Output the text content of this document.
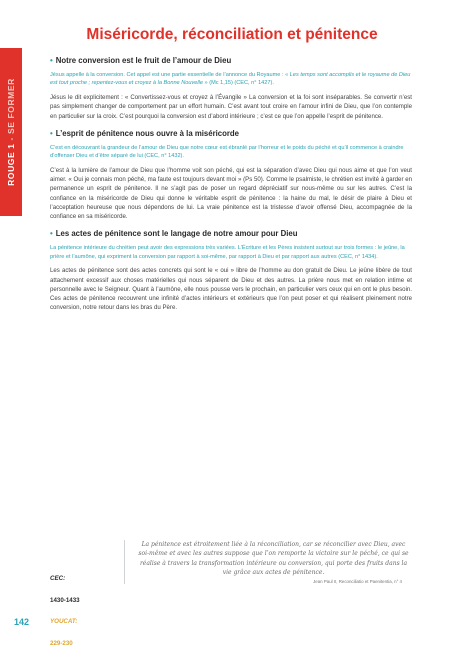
ROUGE 1 - SE FORMER
Miséricorde, réconciliation et pénitence

• Notre conversion est le fruit de l’amour de Dieu

Jésus appelle à la conversion. Cet appel est une partie essentielle de l’annonce du Royaume : « Les temps sont accomplis et le royaume de Dieu est tout proche ; repentez-vous et croyez à la Bonne Nouvelle » (Mc 1,15) (CEC, n° 1427).

Jésus le dit explicitement : « Convertissez-vous et croyez à l’Évangile » La conversion et la foi sont inséparables. Se convertir n’est pas simplement changer de comportement par un effort humain. C’est avant tout croire en l’amour infini de Dieu, que l’on contemple en particulier sur la croix. C’est pourquoi la conversion est d’abord intérieure ; c’est ce que l’on appelle l’esprit de pénitence.

• L’esprit de pénitence nous ouvre à la miséricorde

C’est en découvrant la grandeur de l’amour de Dieu que notre cœur est ébranlé par l’horreur et le poids du péché et qu’il commence à craindre d’offenser Dieu et d’être séparé de lui (CEC, n° 1432).

C’est à la lumière de l’amour de Dieu que l’homme voit son péché, qui est la séparation d’avec Dieu qui nous aime et que l’on veut aimer. « Oui je connais mon péché, ma faute est toujours devant moi » (Ps 50). Comme le psalmiste, le chrétien est invité à garder en permanence un esprit de pénitence. Il ne s’agit pas de poser un regard dépréciatif sur nous-même ou sur les autres. C’est la confiance en la miséricorde de Dieu qui donne le véritable esprit de pénitence : la haine du mal, le désir de plaire à Dieu et l’acceptation heureuse que nous dépendons de lui. La vraie pénitence est la tristesse d’avoir offensé Dieu, accompagnée de la confiance en sa miséricorde.

• Les actes de pénitence sont le langage de notre amour pour Dieu

La pénitence intérieure du chrétien peut avoir des expressions très variées. L’Écriture et les Pères insistent surtout sur trois formes : le jeûne, la prière et l’aumône, qui expriment la conversion par rapport à soi-même, par rapport à Dieu et par rapport aux autres (CEC, n° 1434).

Les actes de pénitence sont des actes concrets qui sont le « oui » libre de l’homme au don gratuit de Dieu. Le jeûne libère de tout attachement excessif aux choses matérielles qui nous séparent de Dieu et des autres. La prière nous met en relation intime et personnelle avec le Seigneur. Quant à l’aumône, elle nous pousse vers le prochain, en particulier vers ceux qui en ont le plus besoin. Ces actes de pénitence recouvrent une infinité d’actes intérieurs et extérieurs que l’on peut poser et qui réalisent pleinement notre conversion, notre retour dans les bras du Père.

CEC:
1430-1433
YOUCAT:
229-230

La pénitence est étroitement liée à la réconciliation, car se réconcilier avec Dieu, avec soi-même et avec les autres suppose que l’on remporte la victoire sur le péché, ce qui se réalise à travers la transformation intérieure ou conversion, qui porte des fruits dans la vie grâce aux actes de pénitence.

Jean Paul II, Reconciliatio et Paenitentia, n° 4

142
